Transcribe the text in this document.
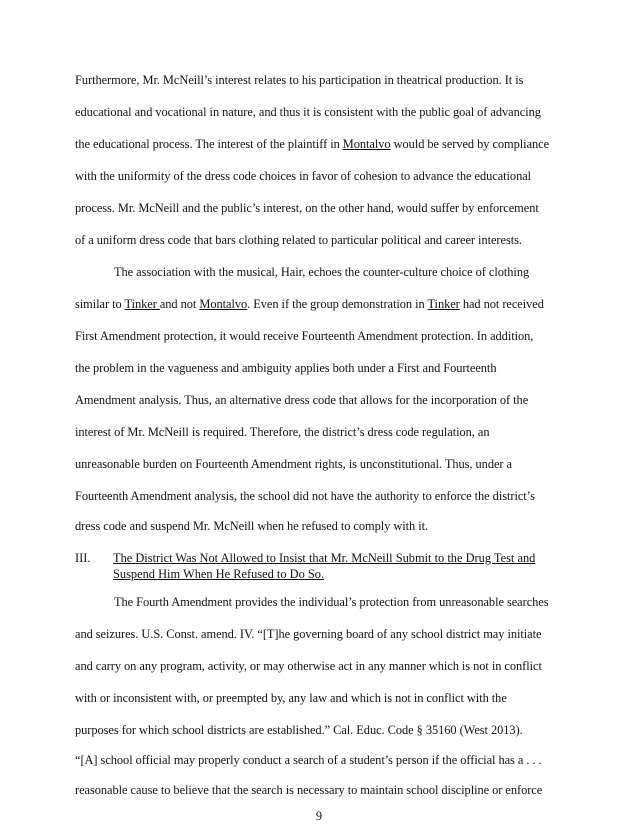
Furthermore, Mr. McNeill’s interest relates to his participation in theatrical production. It is
educational and vocational in nature, and thus it is consistent with the public goal of advancing
the educational process. The interest of the plaintiff in Montalvo would be served by compliance
with the uniformity of the dress code choices in favor of cohesion to advance the educational
process. Mr. McNeill and the public’s interest, on the other hand, would suffer by enforcement
of a uniform dress code that bars clothing related to particular political and career interests.
The association with the musical, Hair, echoes the counter-culture choice of clothing
similar to Tinker and not Montalvo. Even if the group demonstration in Tinker had not received
First Amendment protection, it would receive Fourteenth Amendment protection. In addition,
the problem in the vagueness and ambiguity applies both under a First and Fourteenth
Amendment analysis. Thus, an alternative dress code that allows for the incorporation of the
interest of Mr. McNeill is required. Therefore, the district’s dress code regulation, an
unreasonable burden on Fourteenth Amendment rights, is unconstitutional. Thus, under a
Fourteenth Amendment analysis, the school did not have the authority to enforce the district’s
dress code and suspend Mr. McNeill when he refused to comply with it.
III. The District Was Not Allowed to Insist that Mr. McNeill Submit to the Drug Test and
Suspend Him When He Refused to Do So.
The Fourth Amendment provides the individual’s protection from unreasonable searches
and seizures. U.S. Const. amend. IV. “[T]he governing board of any school district may initiate
and carry on any program, activity, or may otherwise act in any manner which is not in conflict
with or inconsistent with, or preempted by, any law and which is not in conflict with the
purposes for which school districts are established.” Cal. Educ. Code § 35160 (West 2013).
“[A] school official may properly conduct a search of a student’s person if the official has a . . .
reasonable cause to believe that the search is necessary to maintain school discipline or enforce
9
